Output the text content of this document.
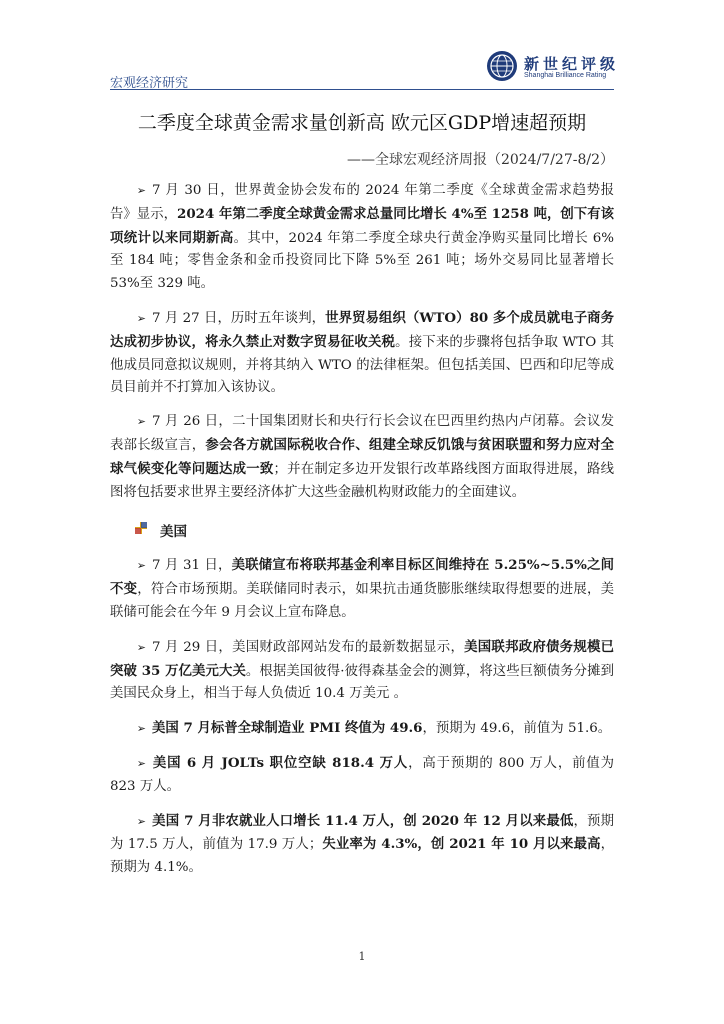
宏观经济研究
新世纪评级
Shanghai Brilliance Rating
二季度全球黄金需求量创新高 欧元区GDP增速超预期
——全球宏观经济周报（2024/7/27-8/2）

➢ 7 月 30 日，世界黄金协会发布的 2024 年第二季度《全球黄金需求趋势报告》显示，2024 年第二季度全球黄金需求总量同比增长 4%至 1258 吨，创下有该项统计以来同期新高。其中，2024 年第二季度全球央行黄金净购买量同比增长 6%至 184 吨；零售金条和金币投资同比下降 5%至 261 吨；场外交易同比显著增长 53%至 329 吨。

➢ 7 月 27 日，历时五年谈判，世界贸易组织（WTO）80 多个成员就电子商务达成初步协议，将永久禁止对数字贸易征收关税。接下来的步骤将包括争取 WTO 其他成员同意拟议规则，并将其纳入 WTO 的法律框架。但包括美国、巴西和印尼等成员目前并不打算加入该协议。

➢ 7 月 26 日，二十国集团财长和央行行长会议在巴西里约热内卢闭幕。会议发表部长级宣言，参会各方就国际税收合作、组建全球反饥饿与贫困联盟和努力应对全球气候变化等问题达成一致；并在制定多边开发银行改革路线图方面取得进展，路线图将包括要求世界主要经济体扩大这些金融机构财政能力的全面建议。

美国

➢ 7 月 31 日，美联储宣布将联邦基金利率目标区间维持在 5.25%~5.5%之间不变，符合市场预期。美联储同时表示，如果抗击通货膨胀继续取得想要的进展，美联储可能会在今年 9 月会议上宣布降息。

➢ 7 月 29 日，美国财政部网站发布的最新数据显示，美国联邦政府债务规模已突破 35 万亿美元大关。根据美国彼得·彼得森基金会的测算，将这些巨额债务分摊到美国民众身上，相当于每人负债近 10.4 万美元 。

➢ 美国 7 月标普全球制造业 PMI 终值为 49.6，预期为 49.6，前值为 51.6。

➢ 美国 6 月 JOLTs 职位空缺 818.4 万人，高于预期的 800 万人，前值为 823 万人。

➢ 美国 7 月非农就业人口增长 11.4 万人，创 2020 年 12 月以来最低，预期为 17.5 万人，前值为 17.9 万人；失业率为 4.3%，创 2021 年 10 月以来最高，预期为 4.1%。

1
